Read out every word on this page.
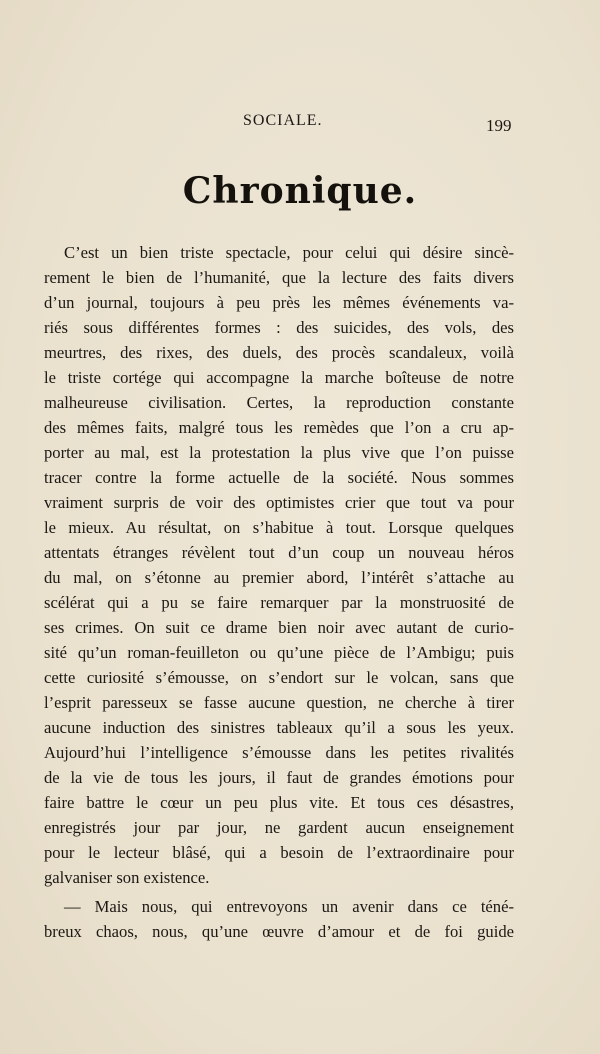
SOCIALE.	199
Chronique.
C’est un bien triste spectacle, pour celui qui désire sincè-
rement le bien de l’humanité, que la lecture des faits divers
d’un journal, toujours à peu près les mêmes événements va-
riés sous différentes formes : des suicides, des vols, des
meurtres, des rixes, des duels, des procès scandaleux, voilà
le triste cortége qui accompagne la marche boîteuse de notre
malheureuse civilisation. Certes, la reproduction constante
des mêmes faits, malgré tous les remèdes que l’on a cru ap-
porter au mal, est la protestation la plus vive que l’on puisse
tracer contre la forme actuelle de la société. Nous sommes
vraiment surpris de voir des optimistes crier que tout va pour
le mieux. Au résultat, on s’habitue à tout. Lorsque quelques
attentats étranges révèlent tout d’un coup un nouveau héros
du mal, on s’étonne au premier abord, l’intérêt s’attache au
scélérat qui a pu se faire remarquer par la monstruosité de
ses crimes. On suit ce drame bien noir avec autant de curio-
sité qu’un roman-feuilleton ou qu’une pièce de l’Ambigu; puis
cette curiosité s’émousse, on s’endort sur le volcan, sans que
l’esprit paresseux se fasse aucune question, ne cherche à tirer
aucune induction des sinistres tableaux qu’il a sous les yeux.
Aujourd’hui l’intelligence s’émousse dans les petites rivalités
de la vie de tous les jours, il faut de grandes émotions pour
faire battre le cœur un peu plus vite. Et tous ces désastres,
enregistrés jour par jour, ne gardent aucun enseignement
pour le lecteur blâsé, qui a besoin de l’extraordinaire pour
galvaniser son existence.
— Mais nous, qui entrevoyons un avenir dans ce téné-
breux chaos, nous, qu’une œuvre d’amour et de foi guide
